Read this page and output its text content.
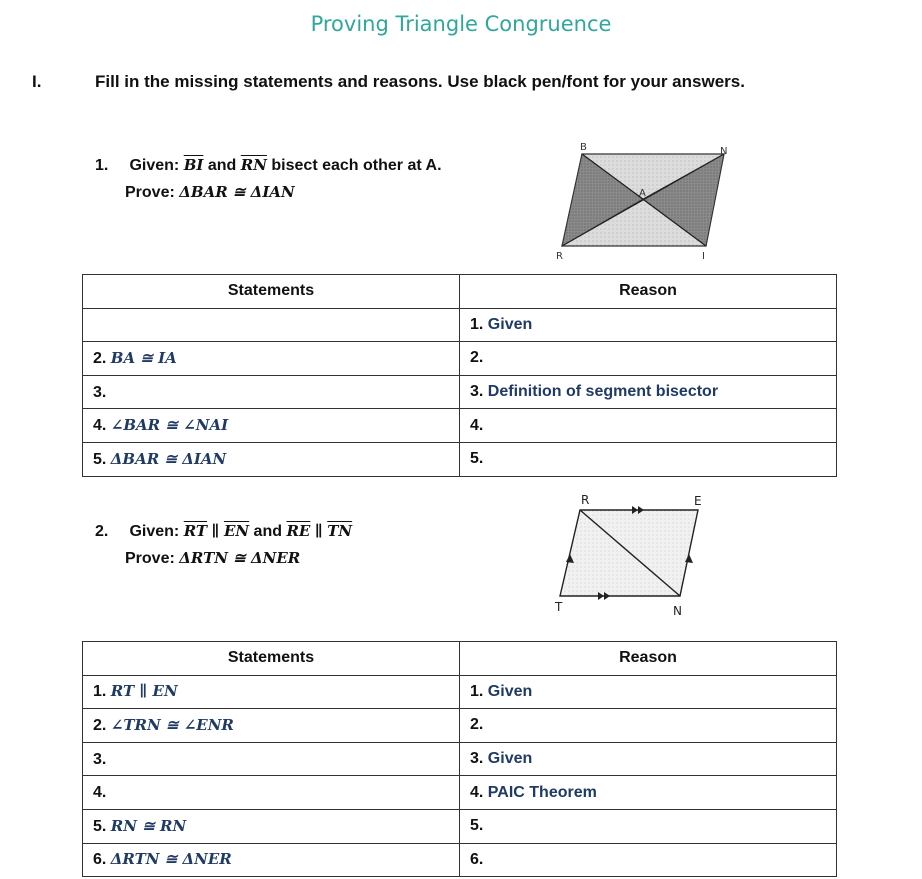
Proving Triangle Congruence
I.	Fill in the missing statements and reasons. Use black pen/font for your answers.
1. Given: $\overline{BI}$ and $\overline{RN}$ bisect each other at A.
Prove: ΔBAR ≅ ΔIAN
B	N
A
R	I
Statements	Reason
	1. Given
2. BA ≅ IA	2.
3.	3. Definition of segment bisector
4. ∠BAR ≅ ∠NAI	4.
5. ΔBAR ≅ ΔIAN	5.
2. Given: $\overline{RT}$ ∥ $\overline{EN}$ and $\overline{RE}$ ∥ $\overline{TN}$
Prove: ΔRTN ≅ ΔNER
R	E
T	N
Statements	Reason
1. RT ∥ EN	1. Given
2. ∠TRN ≅ ∠ENR	2.
3.	3. Given
4.	4. PAIC Theorem
5. RN ≅ RN	5.
6. ΔRTN ≅ ΔNER	6.
